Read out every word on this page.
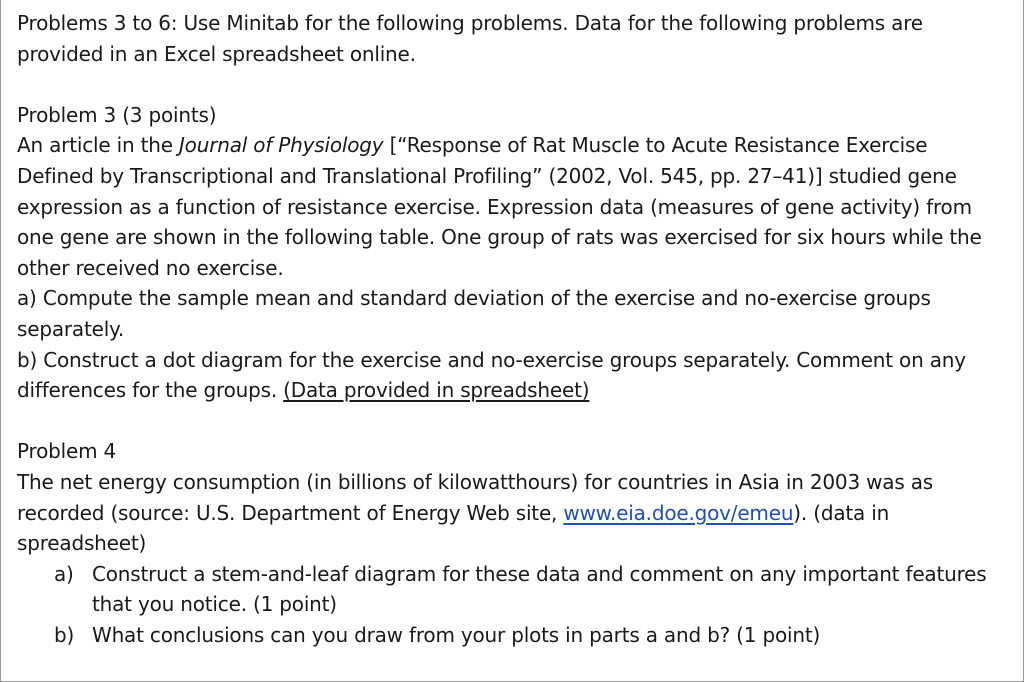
Problems 3 to 6: Use Minitab for the following problems. Data for the following problems are provided in an Excel spreadsheet online.

Problem 3 (3 points)

An article in the Journal of Physiology [“Response of Rat Muscle to Acute Resistance Exercise Defined by Transcriptional and Translational Profiling” (2002, Vol. 545, pp. 27–41)] studied gene expression as a function of resistance exercise. Expression data (measures of gene activity) from one gene are shown in the following table. One group of rats was exercised for six hours while the other received no exercise.

a) Compute the sample mean and standard deviation of the exercise and no-exercise groups separately.

b) Construct a dot diagram for the exercise and no-exercise groups separately. Comment on any differences for the groups. (Data provided in spreadsheet)

Problem 4

The net energy consumption (in billions of kilowatthours) for countries in Asia in 2003 was as recorded (source: U.S. Department of Energy Web site, www.eia.doe.gov/emeu). (data in spreadsheet)

a) Construct a stem-and-leaf diagram for these data and comment on any important features that you notice. (1 point)
b) What conclusions can you draw from your plots in parts a and b? (1 point)
